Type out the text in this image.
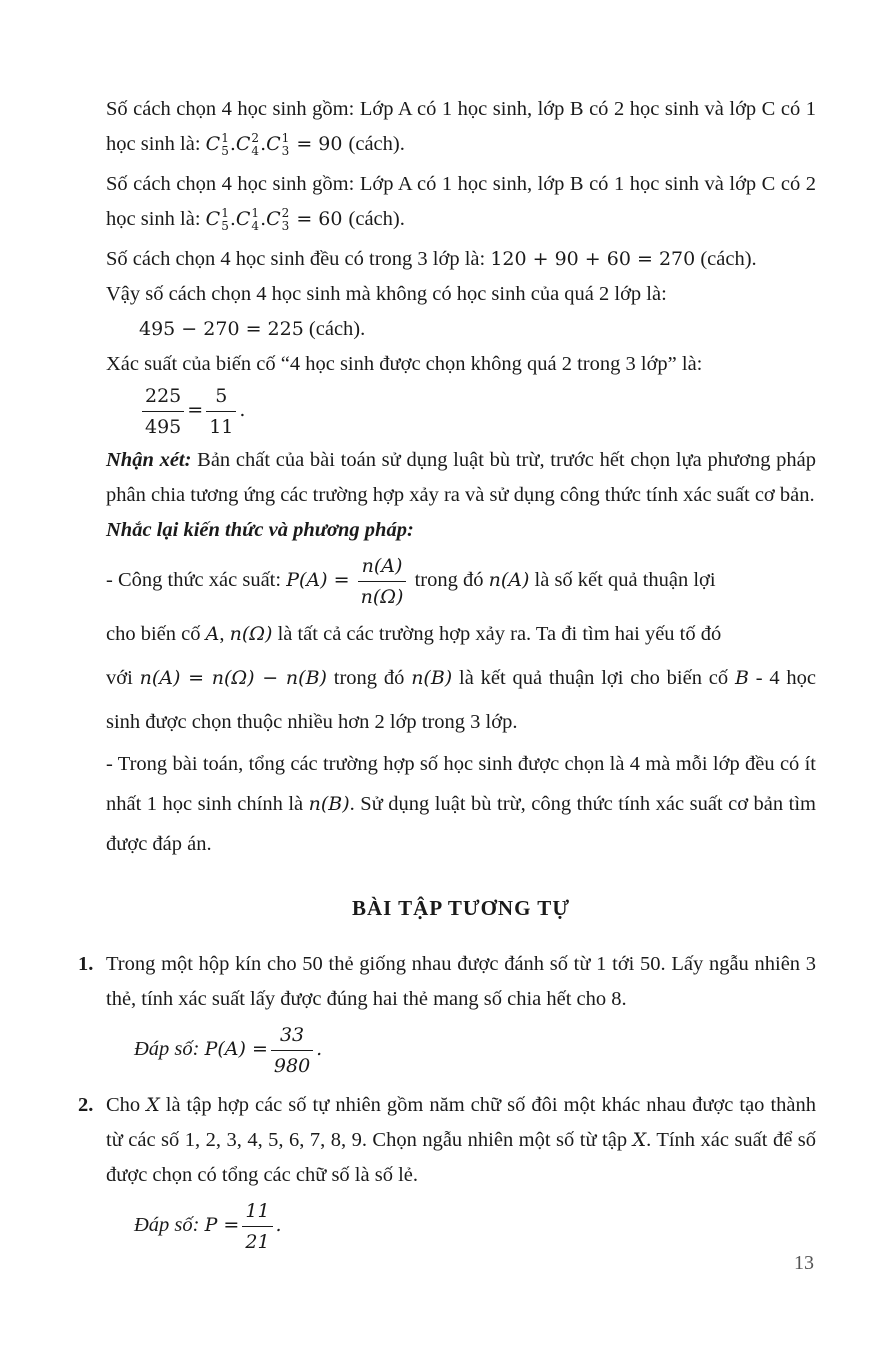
Số cách chọn 4 học sinh gồm: Lớp A có 1 học sinh, lớp B có 2 học sinh và lớp C có 1 học sinh là: C 1
5 .C 2
4 .C 1
3 = 90 (cách).

Số cách chọn 4 học sinh gồm: Lớp A có 1 học sinh, lớp B có 1 học sinh và lớp C có 2 học sinh là: C 1
5 .C 1
4 .C 2
3 = 60 (cách).

Số cách chọn 4 học sinh đều có trong 3 lớp là: 120 + 90 + 60 = 270 (cách).

Vậy số cách chọn 4 học sinh mà không có học sinh của quá 2 lớp là:

495 − 270 = 225 (cách).

Xác suất của biến cố “4 học sinh được chọn không quá 2 trong 3 lớp” là:

$\frac{225}{495} = \frac{5}{11}$ .

Nhận xét: Bản chất của bài toán sử dụng luật bù trừ, trước hết chọn lựa phương pháp phân chia tương ứng các trường hợp xảy ra và sử dụng công thức tính xác suất cơ bản.

Nhắc lại kiến thức và phương pháp:

- Công thức xác suất: $P(A) = \frac{n(A)}{n(\Omega)}$ trong đó n(A) là số kết quả thuận lợi

cho biến cố A, n(Ω) là tất cả các trường hợp xảy ra. Ta đi tìm hai yếu tố đó

với n(A) = n(Ω) − n(B) trong đó n(B) là kết quả thuận lợi cho biến cố B - 4 học sinh được chọn thuộc nhiều hơn 2 lớp trong 3 lớp.

- Trong bài toán, tổng các trường hợp số học sinh được chọn là 4 mà mỗi lớp đều có ít nhất 1 học sinh chính là n(B). Sử dụng luật bù trừ, công thức tính xác suất cơ bản tìm được đáp án.

BÀI TẬP TƯƠNG TỰ
1. Trong một hộp kín cho 50 thẻ giống nhau được đánh số từ 1 tới 50. Lấy ngẫu nhiên 3 thẻ, tính xác suất lấy được đúng hai thẻ mang số chia hết cho 8.

Đáp số: $P(A) = \frac{33}{980}$ .
2. Cho X là tập hợp các số tự nhiên gồm năm chữ số đôi một khác nhau được tạo thành từ các số 1, 2, 3, 4, 5, 6, 7, 8, 9. Chọn ngẫu nhiên một số từ tập X. Tính xác suất để số được chọn có tổng các chữ số là số lẻ.

Đáp số: $P = \frac{11}{21}$ .
13
